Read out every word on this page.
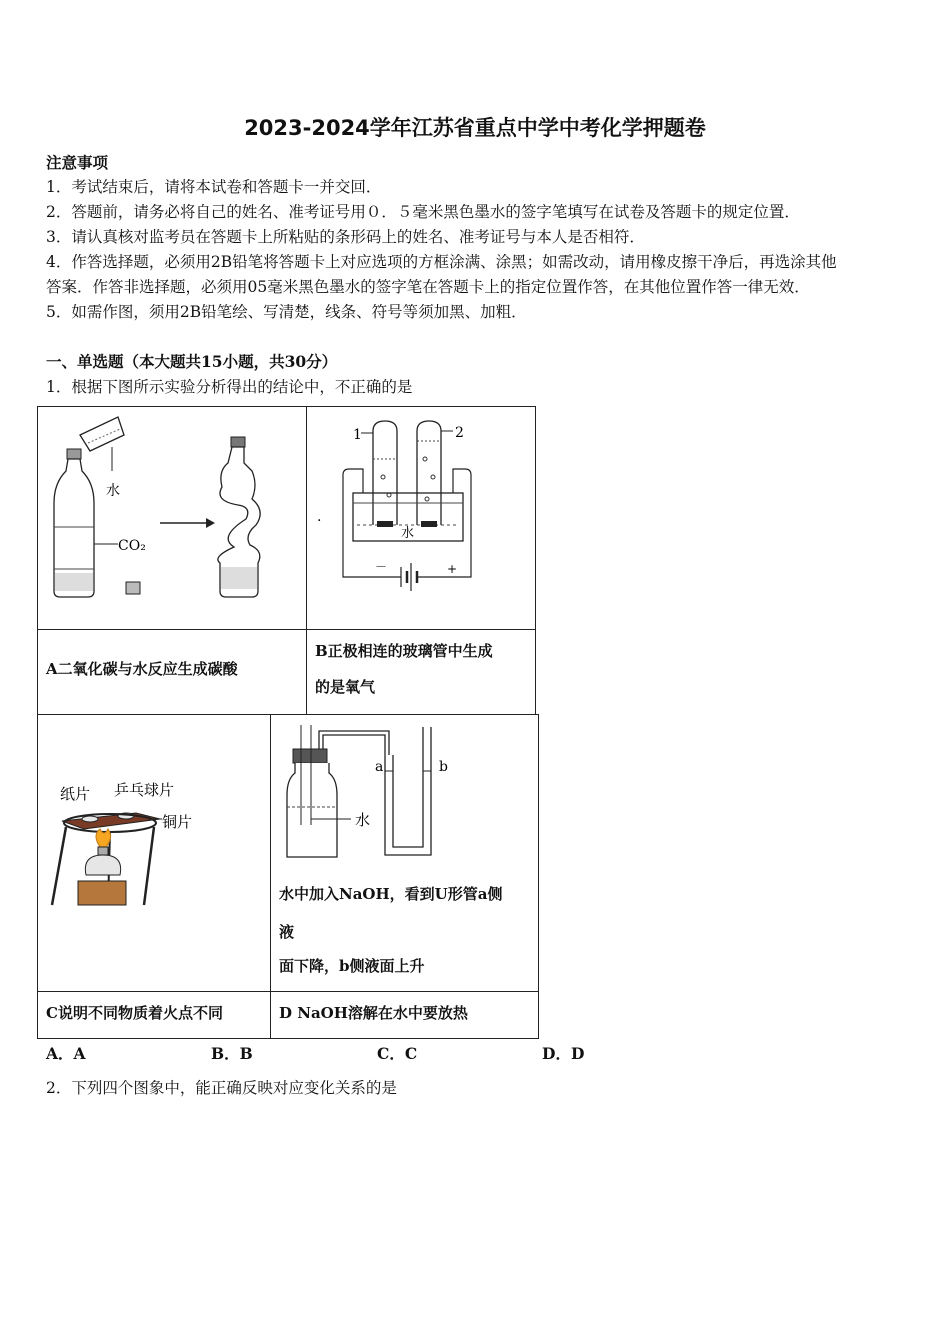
2023-2024学年江苏省重点中学中考化学押题卷
注意事项
1．考试结束后，请将本试卷和答题卡一并交回．
2．答题前，请务必将自己的姓名、准考证号用０．５毫米黑色墨水的签字笔填写在试卷及答题卡的规定位置．
3．请认真核对监考员在答题卡上所粘贴的条形码上的姓名、准考证号与本人是否相符．
4．作答选择题，必须用2B铅笔将答题卡上对应选项的方框涂满、涂黑；如需改动，请用橡皮擦干净后，再选涂其他
答案．作答非选择题，必须用05毫米黑色墨水的签字笔在答题卡上的指定位置作答，在其他位置作答一律无效．
5．如需作图，须用2B铅笔绘、写清楚，线条、符号等须加黑、加粗．
一、单选题（本大题共15小题，共30分）
1．根据下图所示实验分析得出的结论中，不正确的是
水
CO₂
.
1	2
水
－	+
A二氧化碳与水反应生成碳酸
B正极相连的玻璃管中生成
的是氧气
纸片 乒乓球片
铜片	水
a	b
水中加入NaOH，看到U形管a侧
液
面下降，b侧液面上升
C说明不同物质着火点不同	D NaOH溶解在水中要放热
A．A	B．B	C．C	D．D
2．下列四个图象中，能正确反映对应变化关系的是
